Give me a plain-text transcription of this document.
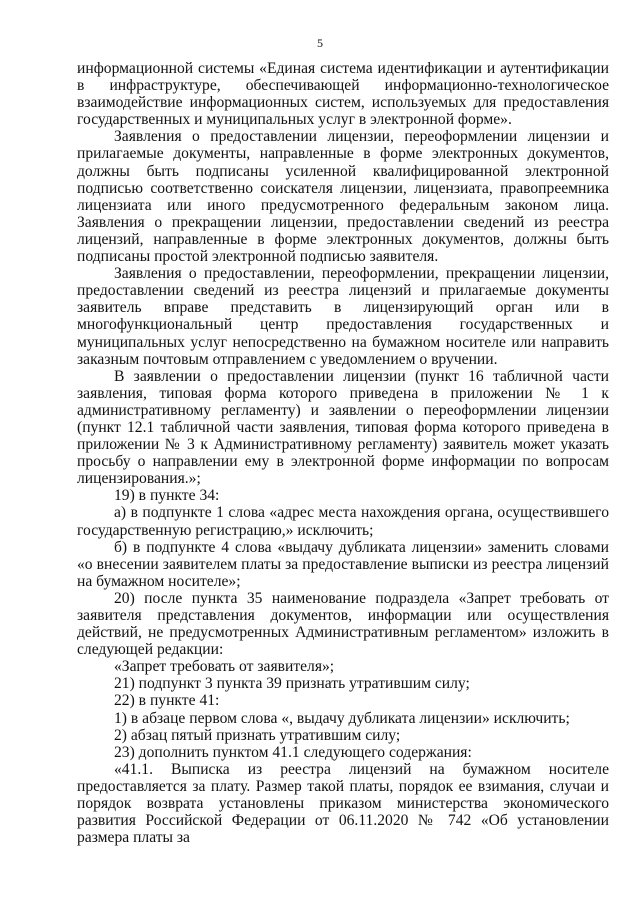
5

информационной системы «Единая система идентификации и аутентификации в инфраструктуре, обеспечивающей информационно-технологическое взаимодействие информационных систем, используемых для предоставления государственных и муниципальных услуг в электронной форме».

Заявления о предоставлении лицензии, переоформлении лицензии и прилагаемые документы, направленные в форме электронных документов, должны быть подписаны усиленной квалифицированной электронной подписью соответственно соискателя лицензии, лицензиата, правопреемника лицензиата или иного предусмотренного федеральным законом лица. Заявления о прекращении лицензии, предоставлении сведений из реестра лицензий, направленные в форме электронных документов, должны быть подписаны простой электронной подписью заявителя.

Заявления о предоставлении, переоформлении, прекращении лицензии, предоставлении сведений из реестра лицензий и прилагаемые документы заявитель вправе представить в лицензирующий орган или в многофункциональный центр предоставления государственных и муниципальных услуг непосредственно на бумажном носителе или направить заказным почтовым отправлением с уведомлением о вручении.

В заявлении о предоставлении лицензии (пункт 16 табличной части заявления, типовая форма которого приведена в приложении № 1 к административному регламенту) и заявлении о переоформлении лицензии (пункт 12.1 табличной части заявления, типовая форма которого приведена в приложении № 3 к Административному регламенту) заявитель может указать просьбу о направлении ему в электронной форме информации по вопросам лицензирования.»;

19) в пункте 34:

а) в подпункте 1 слова «адрес места нахождения органа, осуществившего государственную регистрацию,» исключить;

б) в подпункте 4 слова «выдачу дубликата лицензии» заменить словами «о внесении заявителем платы за предоставление выписки из реестра лицензий на бумажном носителе»;

20) после пункта 35 наименование подраздела «Запрет требовать от заявителя представления документов, информации или осуществления действий, не предусмотренных Административным регламентом» изложить в следующей редакции:

«Запрет требовать от заявителя»;

21) подпункт 3 пункта 39 признать утратившим силу;

22) в пункте 41:

1) в абзаце первом слова «, выдачу дубликата лицензии» исключить;

2) абзац пятый признать утратившим силу;

23) дополнить пунктом 41.1 следующего содержания:

«41.1. Выписка из реестра лицензий на бумажном носителе предоставляется за плату. Размер такой платы, порядок ее взимания, случаи и порядок возврата установлены приказом министерства экономического развития Российской Федерации от 06.11.2020 № 742 «Об установлении размера платы за
